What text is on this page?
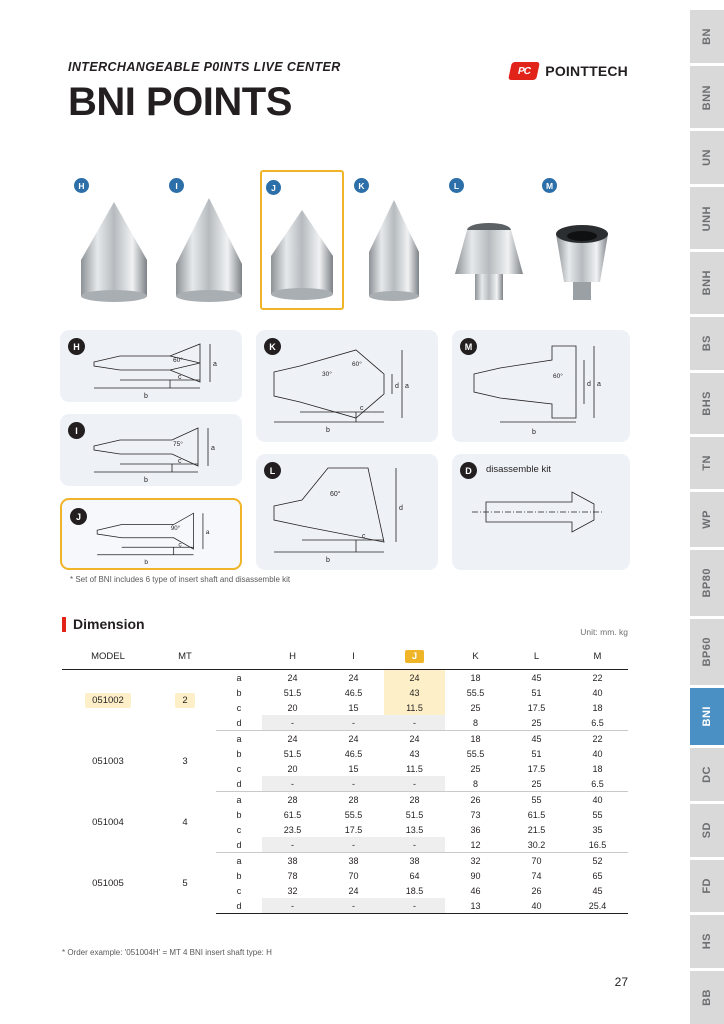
INTERCHANGEABLE P0INTS LIVE CENTER
BNI POINTS
PC POINTTECH
H	I	J	K	L	M
H
60°
a
c
b
I
75°
a
c
b
J
90°
a
c
b
K
60°
30°
d a
c
b
L
60°
d
c
b
M
60°
d a
b
D	disassemble kit
* Set of BNI includes 6 type of insert shaft and disassemble kit
Dimension	Unit: mm. kg
MODEL	MT		H	I	J	K	L	M
051002	2	a	24	24	24	18	45	22
		b	51.5	46.5	43	55.5	51	40
		c	20	15	11.5	25	17.5	18
		d	-	-	-	8	25	6.5
051003	3	a	24	24	24	18	45	22
		b	51.5	46.5	43	55.5	51	40
		c	20	15	11.5	25	17.5	18
		d	-	-	-	8	25	6.5
051004	4	a	28	28	28	26	55	40
		b	61.5	55.5	51.5	73	61.5	55
		c	23.5	17.5	13.5	36	21.5	35
		d	-	-	-	12	30.2	16.5
051005	5	a	38	38	38	32	70	52
		b	78	70	64	90	74	65
		c	32	24	18.5	46	26	45
		d	-	-	-	13	40	25.4
* Order example: '051004H' = MT 4 BNI insert shaft type: H
27
BN
BNN
UN
UNH
BNH
BS
BHS
TN
WP
BP80
BP60
BNI
DC
SD
FD
HS
BB
